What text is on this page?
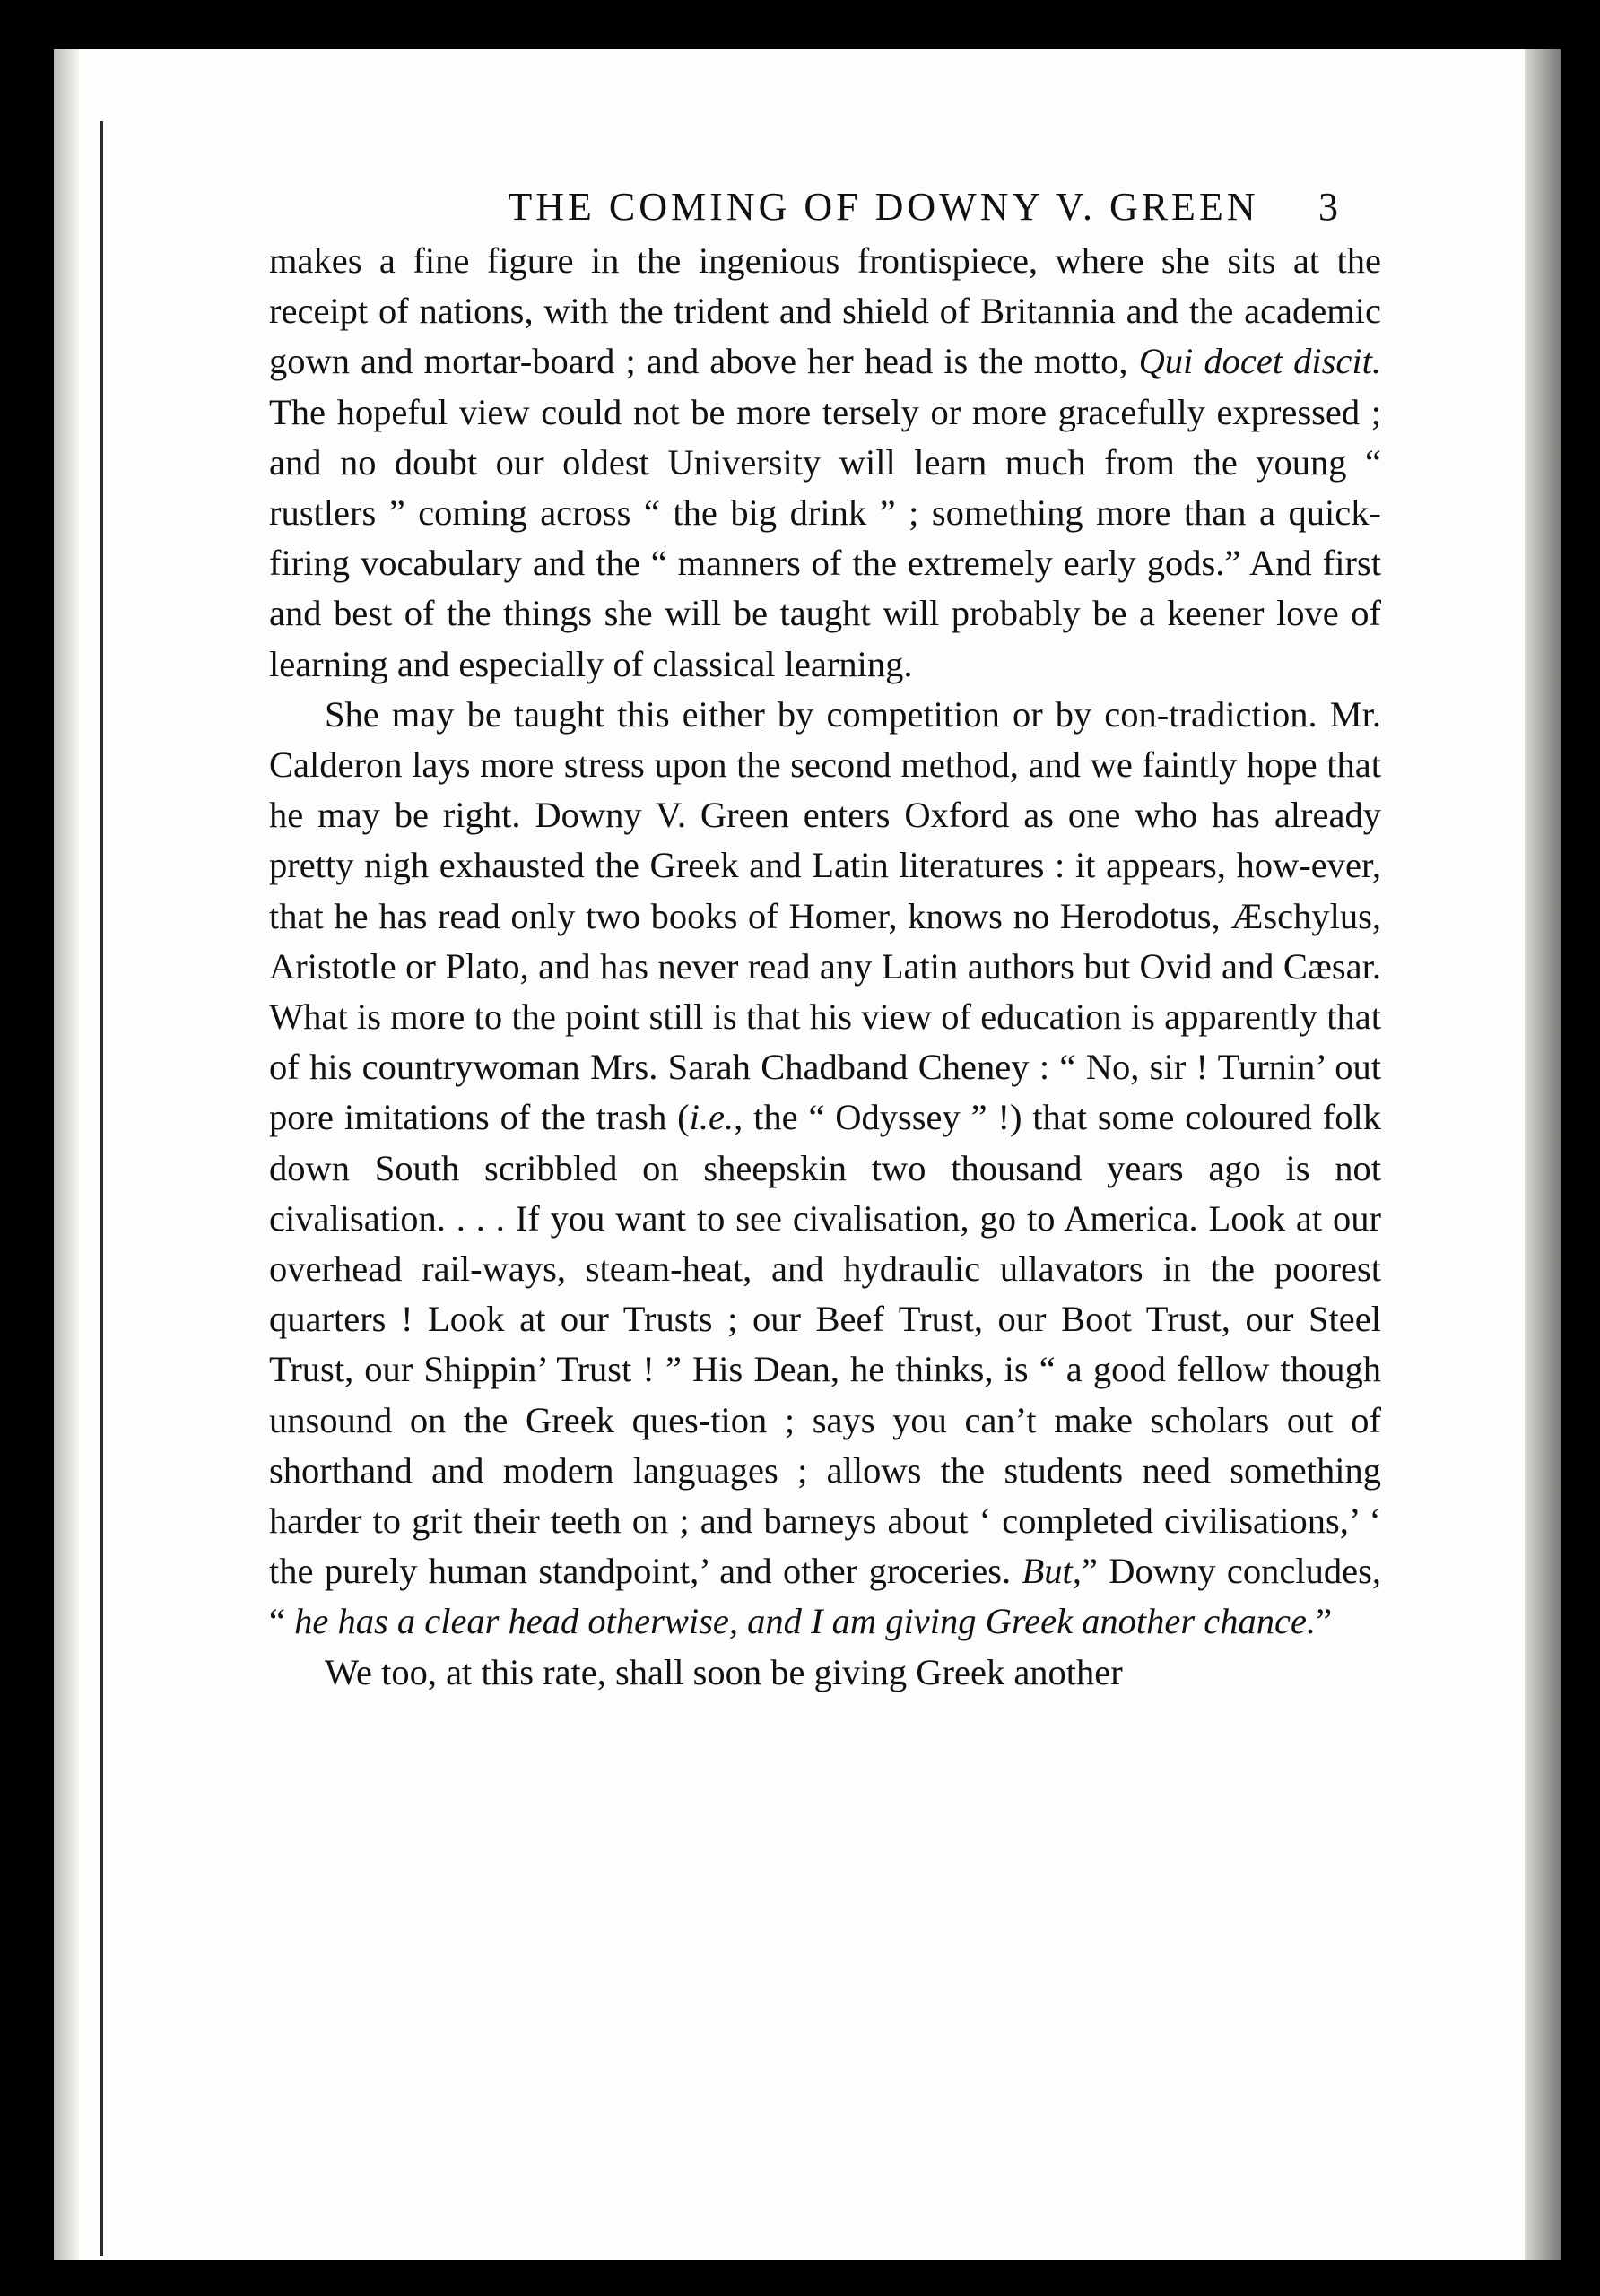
THE COMING OF DOWNY V. GREEN	3

makes a fine figure in the ingenious frontispiece, where she sits at the receipt of nations, with the trident and shield of Britannia and the academic gown and mortar-board ; and above her head is the motto, Qui docet discit. The hopeful view could not be more tersely or more gracefully expressed ; and no doubt our oldest University will learn much from the young “ rustlers ” coming across “ the big drink ” ; something more than a quick-firing vocabulary and the “ manners of the extremely early gods.” And first and best of the things she will be taught will probably be a keener love of learning and especially of classical learning.

She may be taught this either by competition or by con-tradiction. Mr. Calderon lays more stress upon the second method, and we faintly hope that he may be right. Downy V. Green enters Oxford as one who has already pretty nigh exhausted the Greek and Latin literatures : it appears, how-ever, that he has read only two books of Homer, knows no Herodotus, Æschylus, Aristotle or Plato, and has never read any Latin authors but Ovid and Cæsar. What is more to the point still is that his view of education is apparently that of his countrywoman Mrs. Sarah Chadband Cheney : “ No, sir ! Turnin’ out pore imitations of the trash (i.e., the “ Odyssey ” !) that some coloured folk down South scribbled on sheepskin two thousand years ago is not civalisation. . . . If you want to see civalisation, go to America. Look at our overhead rail-ways, steam-heat, and hydraulic ullavators in the poorest quarters ! Look at our Trusts ; our Beef Trust, our Boot Trust, our Steel Trust, our Shippin’ Trust ! ” His Dean, he thinks, is “ a good fellow though unsound on the Greek ques-tion ; says you can’t make scholars out of shorthand and modern languages ; allows the students need something harder to grit their teeth on ; and barneys about ‘ completed civilisations,’ ‘ the purely human standpoint,’ and other groceries. But,” Downy concludes, “ he has a clear head otherwise, and I am giving Greek another chance.”

We too, at this rate, shall soon be giving Greek another
